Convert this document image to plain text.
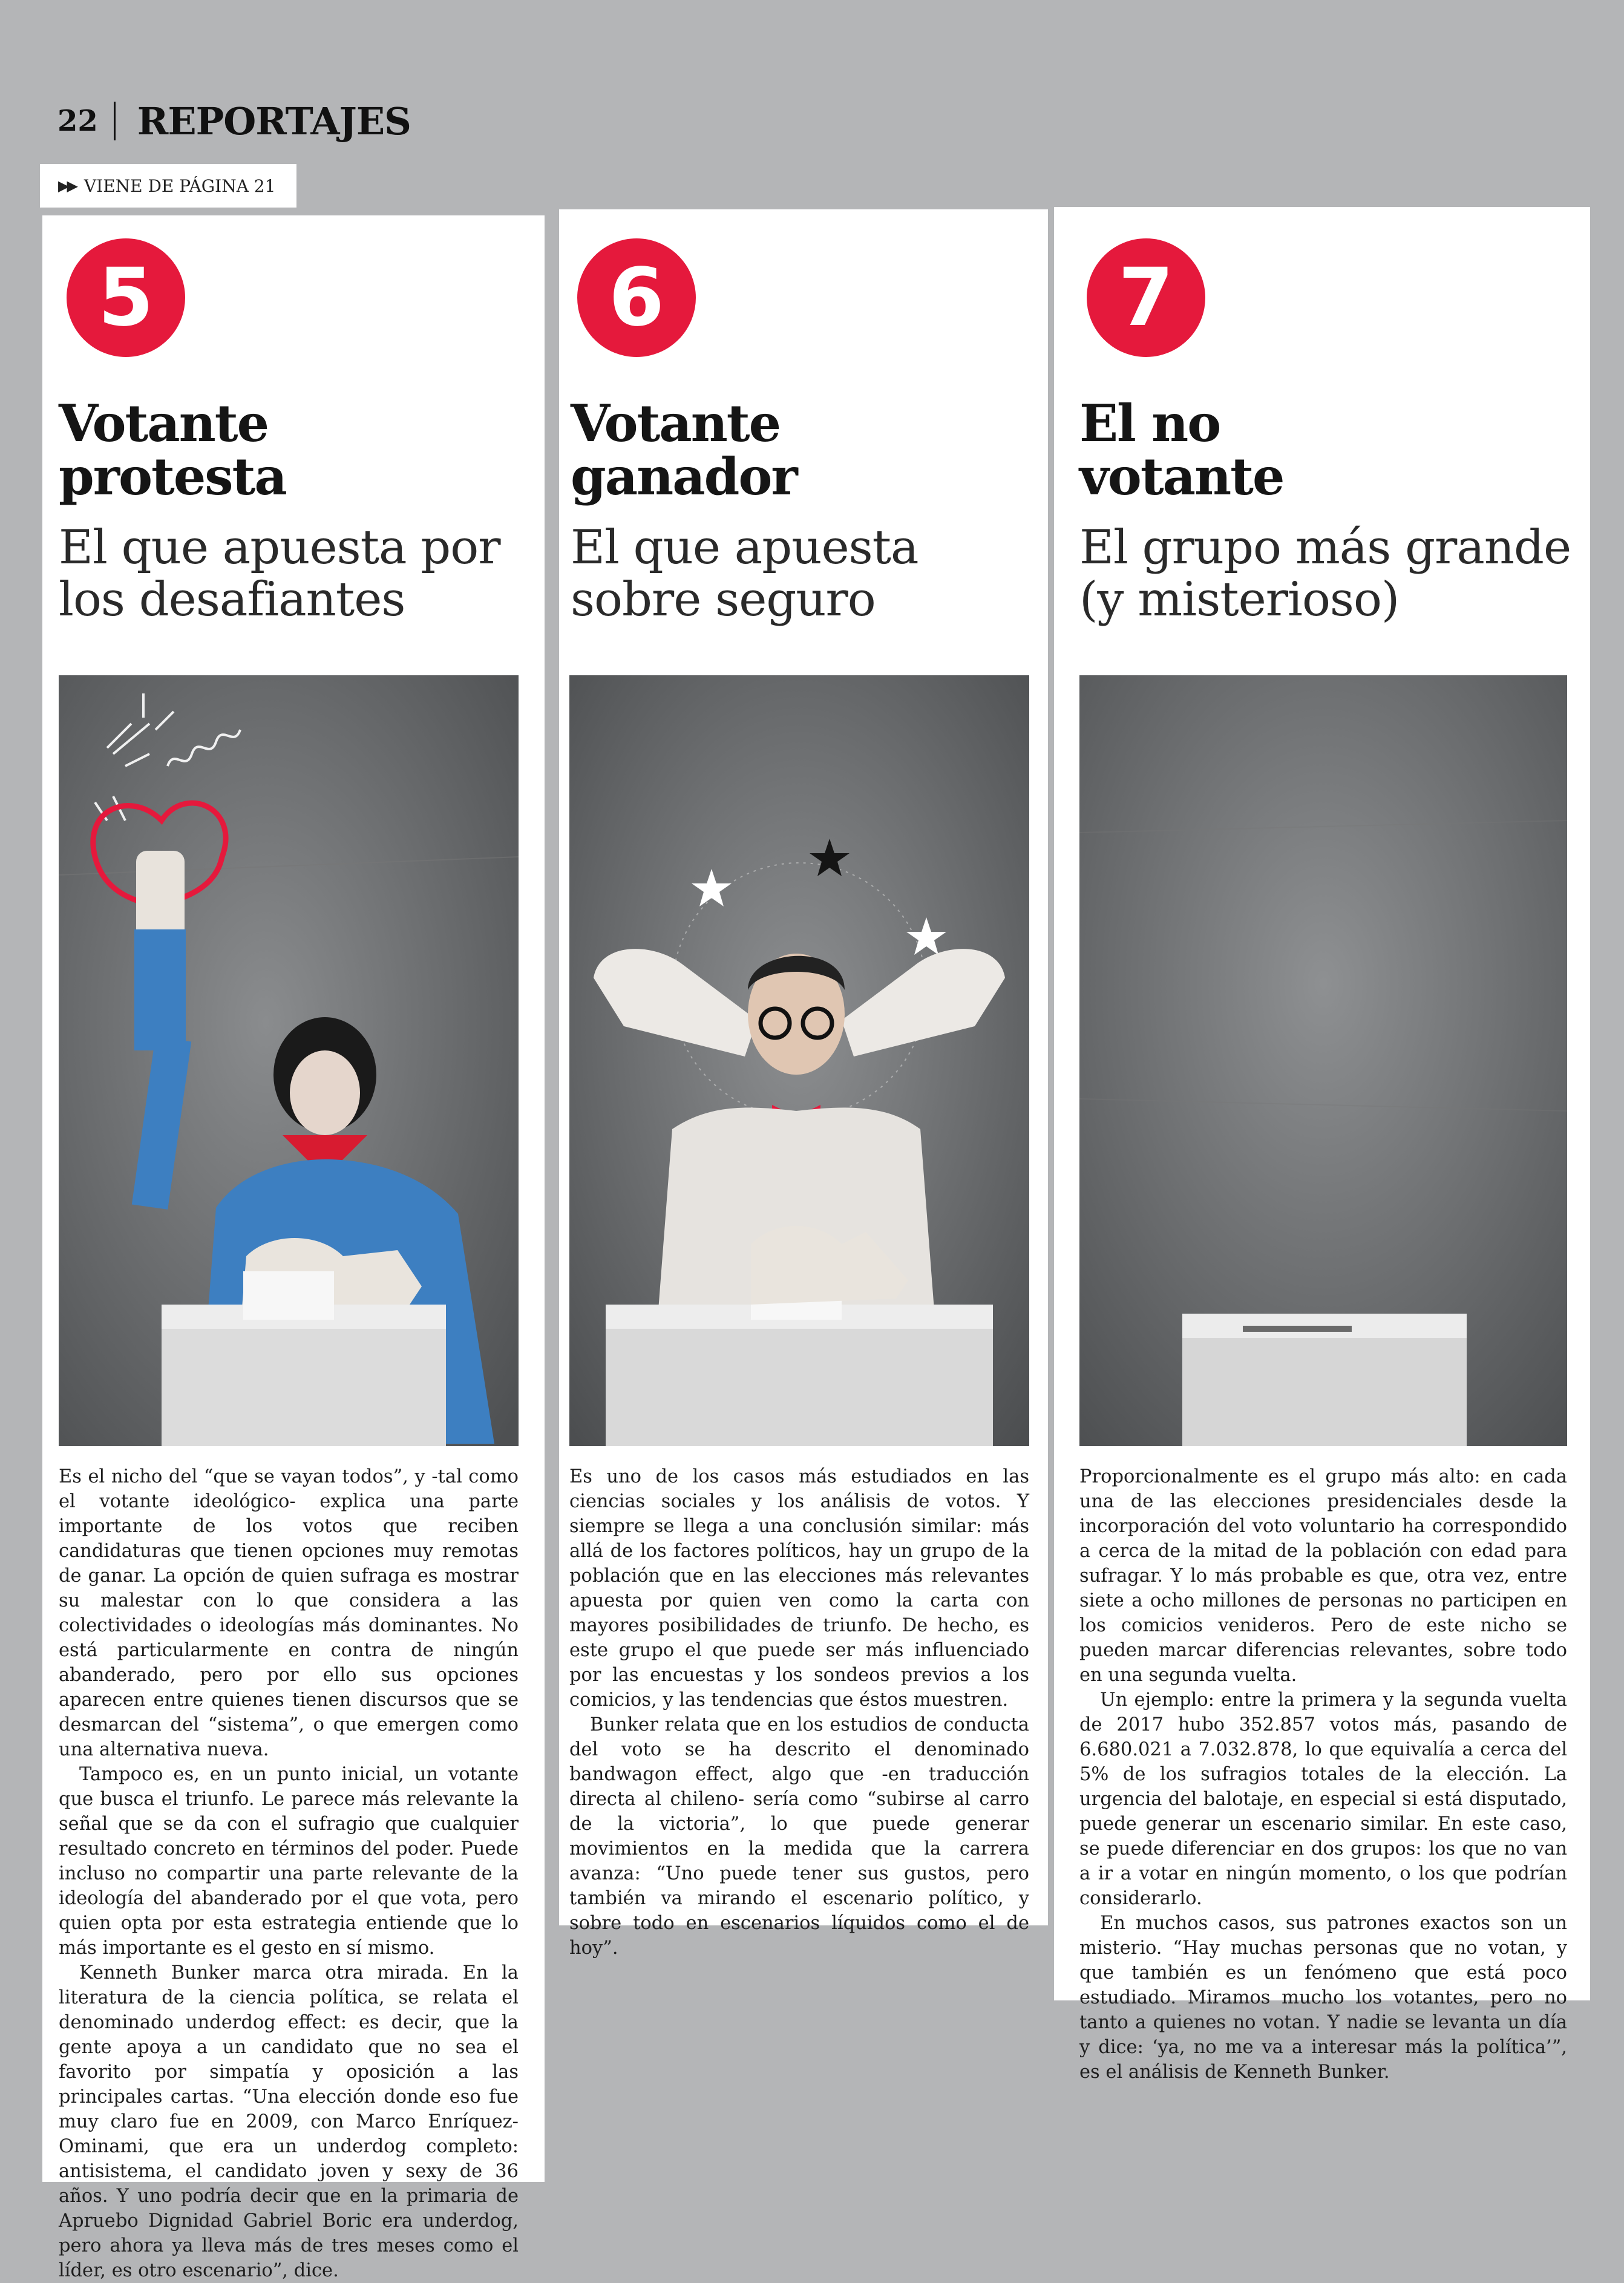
22 REPORTAJES
▶▶ VIENE DE PÁGINA 21
5
Votante
protesta

El que apuesta por
los desafiantes

Es el nicho del “que se vayan todos”, y -tal como el votante ideológico- explica una parte importante de los votos que reciben candidaturas que tienen opciones muy remotas de ganar. La opción de quien sufraga es mostrar su malestar con lo que considera a las colectividades o ideologías más dominantes. No está particularmente en contra de ningún abanderado, pero por ello sus opciones aparecen entre quienes tienen discursos que se desmarcan del “sistema”, o que emergen como una alternativa nueva.

Tampoco es, en un punto inicial, un votante que busca el triunfo. Le parece más relevante la señal que se da con el sufragio que cualquier resultado concreto en términos del poder. Puede incluso no compartir una parte relevante de la ideología del abanderado por el que vota, pero quien opta por esta estrategia entiende que lo más importante es el gesto en sí mismo.

Kenneth Bunker marca otra mirada. En la literatura de la ciencia política, se relata el denominado underdog effect: es decir, que la gente apoya a un candidato que no sea el favorito por simpatía y oposición a las principales cartas. “Una elección donde eso fue muy claro fue en 2009, con Marco Enríquez-Ominami, que era un underdog completo: antisistema, el candidato joven y sexy de 36 años. Y uno podría decir que en la primaria de Apruebo Dignidad Gabriel Boric era underdog, pero ahora ya lleva más de tres meses como el líder, es otro escenario”, dice.

6
Votante
ganador

El que apuesta
sobre seguro

Es uno de los casos más estudiados en las ciencias sociales y los análisis de votos. Y siempre se llega a una conclusión similar: más allá de los factores políticos, hay un grupo de la población que en las elecciones más relevantes apuesta por quien ven como la carta con mayores posibilidades de triunfo. De hecho, es este grupo el que puede ser más influenciado por las encuestas y los sondeos previos a los comicios, y las tendencias que éstos muestren.

Bunker relata que en los estudios de conducta del voto se ha descrito el denominado bandwagon effect, algo que -en traducción directa al chileno- sería como “subirse al carro de la victoria”, lo que puede generar movimientos en la medida que la carrera avanza: “Uno puede tener sus gustos, pero también va mirando el escenario político, y sobre todo en escenarios líquidos como el de hoy”.

7
El no
votante

El grupo más grande
(y misterioso)

Proporcionalmente es el grupo más alto: en cada una de las elecciones presidenciales desde la incorporación del voto voluntario ha correspondido a cerca de la mitad de la población con edad para sufragar. Y lo más probable es que, otra vez, entre siete a ocho millones de personas no participen en los comicios venideros. Pero de este nicho se pueden marcar diferencias relevantes, sobre todo en una segunda vuelta.

Un ejemplo: entre la primera y la segunda vuelta de 2017 hubo 352.857 votos más, pasando de 6.680.021 a 7.032.878, lo que equivalía a cerca del 5% de los sufragios totales de la elección. La urgencia del balotaje, en especial si está disputado, puede generar un escenario similar. En este caso, se puede diferenciar en dos grupos: los que no van a ir a votar en ningún momento, o los que podrían considerarlo.

En muchos casos, sus patrones exactos son un misterio. “Hay muchas personas que no votan, y que también es un fenómeno que está poco estudiado. Miramos mucho los votantes, pero no tanto a quienes no votan. Y nadie se levanta un día y dice: ‘ya, no me va a interesar más la política’”, es el análisis de Kenneth Bunker.
